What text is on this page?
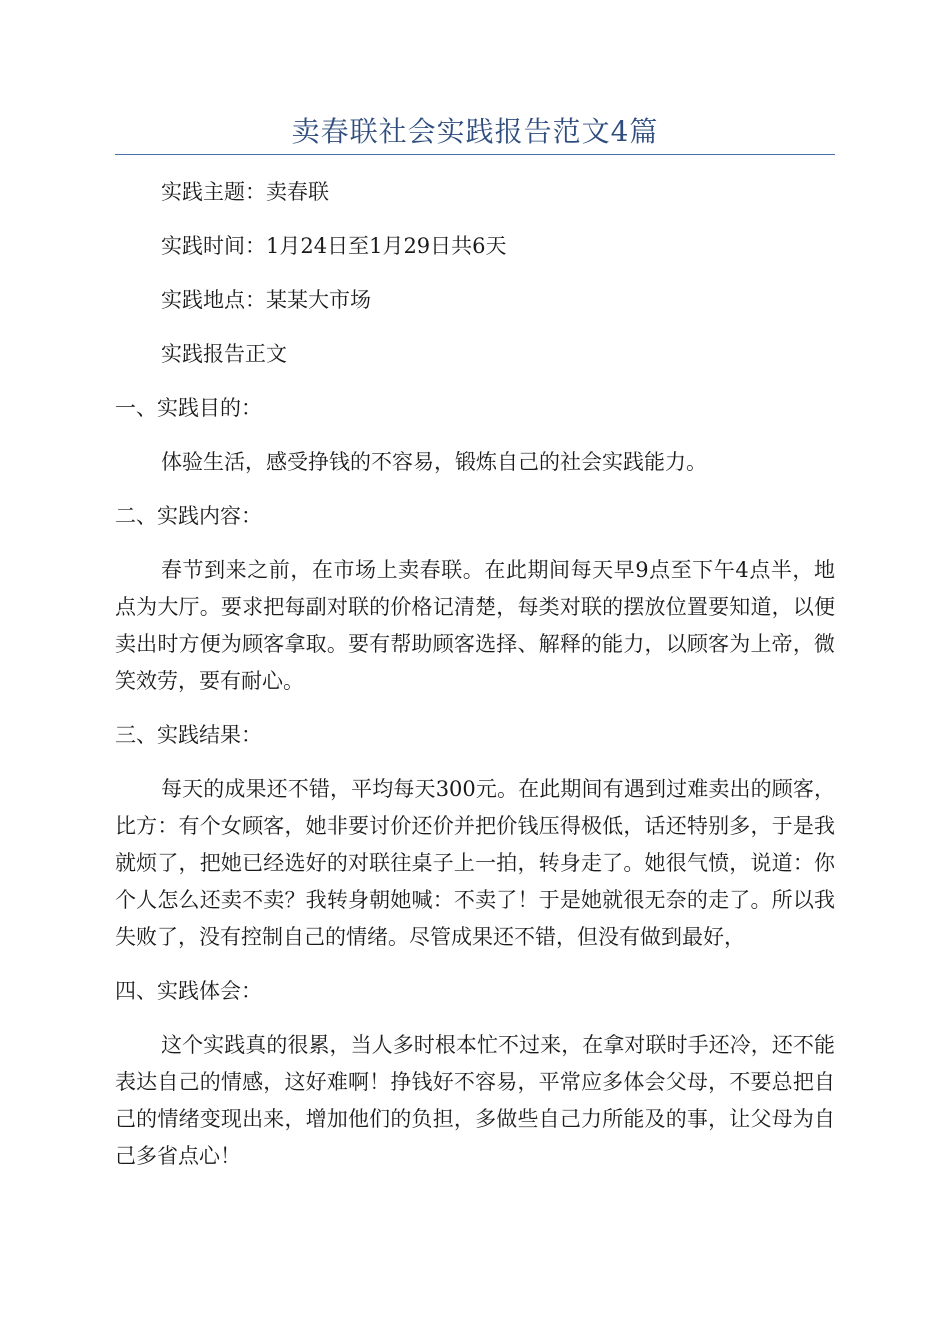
卖春联社会实践报告范文4篇

实践主题：卖春联

实践时间：1月24日至1月29日共6天

实践地点：某某大市场

实践报告正文

一、实践目的：

体验生活，感受挣钱的不容易，锻炼自己的社会实践能力。

二、实践内容：

春节到来之前，在市场上卖春联。在此期间每天早9点至下午4点半，地点为大厅。要求把每副对联的价格记清楚，每类对联的摆放位置要知道，以便卖出时方便为顾客拿取。要有帮助顾客选择、解释的能力，以顾客为上帝，微笑效劳，要有耐心。

三、实践结果：

每天的成果还不错，平均每天300元。在此期间有遇到过难卖出的顾客，比方：有个女顾客，她非要讨价还价并把价钱压得极低，话还特别多，于是我就烦了，把她已经选好的对联往桌子上一拍，转身走了。她很气愤，说道：你个人怎么还卖不卖？我转身朝她喊：不卖了！于是她就很无奈的走了。所以我失败了，没有控制自己的情绪。尽管成果还不错，但没有做到最好，

四、实践体会：

这个实践真的很累，当人多时根本忙不过来，在拿对联时手还冷，还不能表达自己的情感，这好难啊！挣钱好不容易，平常应多体会父母，不要总把自己的情绪变现出来，增加他们的负担，多做些自己力所能及的事，让父母为自己多省点心！
